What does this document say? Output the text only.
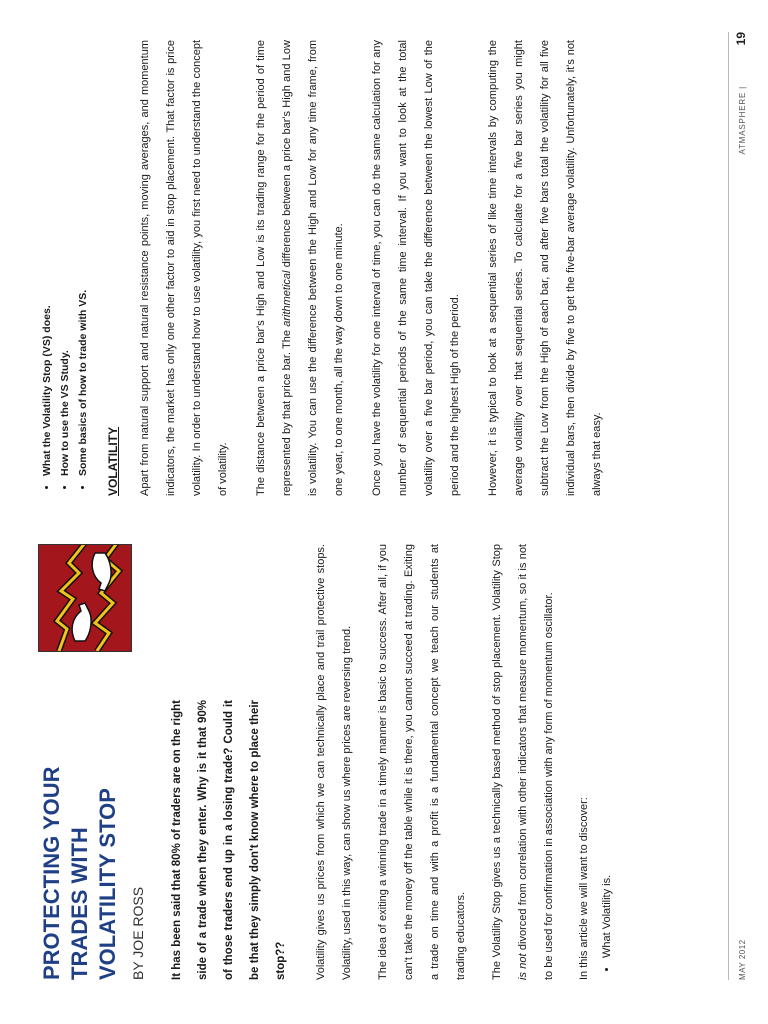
PROTECTING YOUR TRADES WITH VOLATILITY STOP BY JOE ROSS	It has been said that 80% of traders are on the right side of a trade when they enter. Why is it that 90% of those traders end up in a losing trade? Could it be that they simply don't know where to place their stop??	Volatility gives us prices from which we can technically place and trail protective stops. Volatility, used in this way, can show us where prices are reversing trend.	The idea of exiting a winning trade in a timely manner is basic to success. After all, if you can't take the money off the table while it is there, you cannot succeed at trading. Exiting a trade on time and with a profit is a fundamental concept we teach our students at trading educators.	The Volatility Stop gives us a technically based method of stop placement. Volatility Stop is not divorced from correlation with other indicators that measure momentum, so it is not to be used for confirmation in association with any form of momentum oscillator.	In this article we will want to discover:	• What Volatility is.
• What the Volatility Stop (VS) does. • How to use the VS Study. • Some basics of how to trade with VS. VOLATILITY	Apart from natural support and natural resistance points, moving averages, and momentum indicators, the market has only one other factor to aid in stop placement. That factor is price volatility. In order to understand how to use volatility, you first need to understand the concept of volatility.	The distance between a price bar's High and Low is its trading range for the period of time represented by that price bar. The arithmetical difference between a price bar's High and Low is volatility. You can use the difference between the High and Low for any time frame, from one year, to one month, all the way down to one minute.	Once you have the volatility for one interval of time, you can do the same calculation for any number of sequential periods of the same time interval. If you want to look at the total volatility over a five bar period, you can take the difference between the lowest Low of the period and the highest High of the period.	However, it is typical to look at a sequential series of like time intervals by computing the average volatility over that sequential series. To calculate for a five bar series you might subtract the Low from the High of each bar, and after five bars total the volatility for all five individual bars, then divide by five to get the five-bar average volatility. Unfortunately, it's not always that easy.

MAY 2012
ATMASPHERE |
19
